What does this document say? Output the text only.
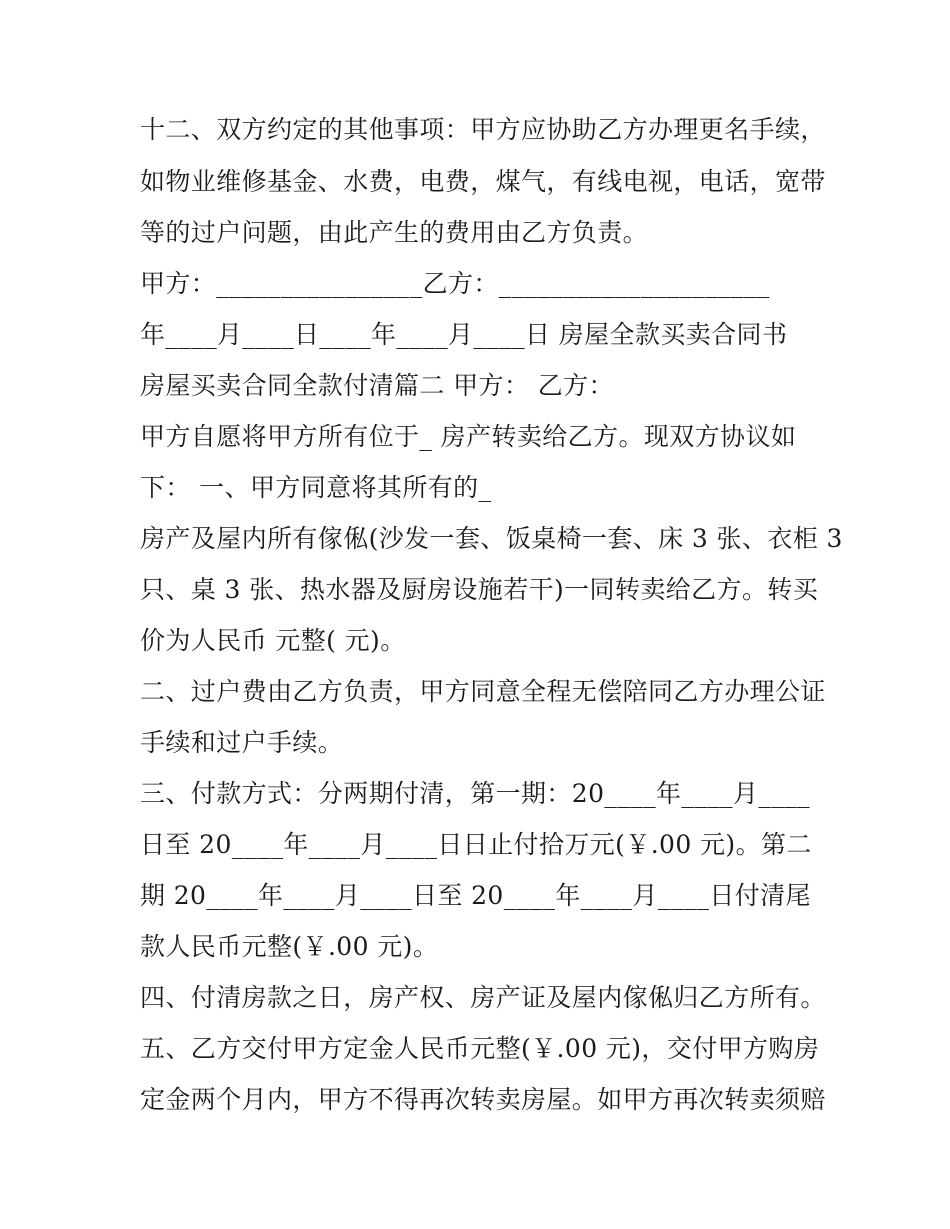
十二、双方约定的其他事项：甲方应协助乙方办理更名手续，
如物业维修基金、水费，电费，煤气，有线电视，电话，宽带
等的过户问题，由此产生的费用由乙方负责。
甲方：________________乙方：_____________________
年____月____日____年____月____日 房屋全款买卖合同书
房屋买卖合同全款付清篇二 甲方： 乙方：
甲方自愿将甲方所有位于_ 房产转卖给乙方。现双方协议如
下： 一、甲方同意将其所有的_
房产及屋内所有傢俬(沙发一套、饭桌椅一套、床 3 张、衣柜 3
只、桌 3 张、热水器及厨房设施若干)一同转卖给乙方。转买
价为人民币 元整( 元)。
二、过户费由乙方负责，甲方同意全程无偿陪同乙方办理公证
手续和过户手续。
三、付款方式：分两期付清，第一期：20____年____月____
日至 20____年____月____日日止付拾万元(￥.00 元)。第二
期 20____年____月____日至 20____年____月____日付清尾
款人民币元整(￥.00 元)。
四、付清房款之日，房产权、房产证及屋内傢俬归乙方所有。
五、乙方交付甲方定金人民币元整(￥.00 元)，交付甲方购房
定金两个月内，甲方不得再次转卖房屋。如甲方再次转卖须赔
